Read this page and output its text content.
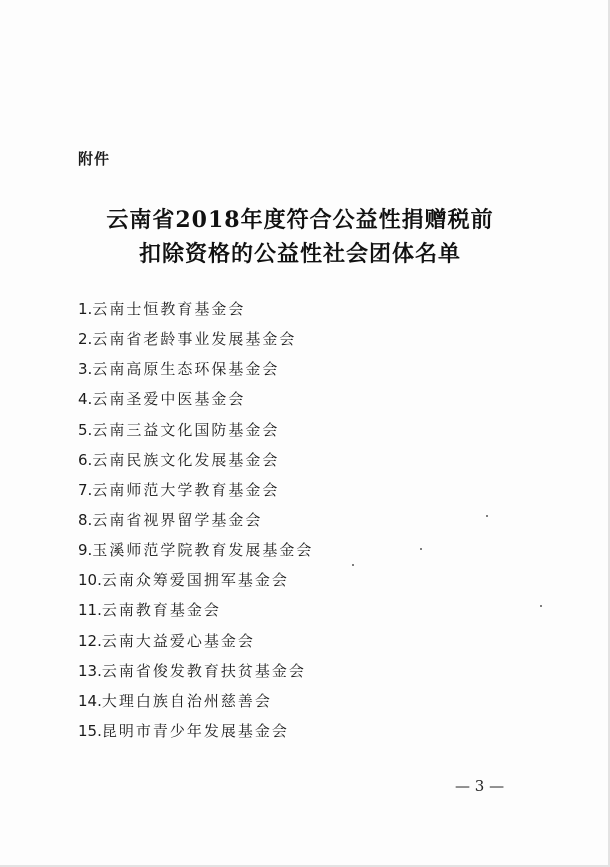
附件
云南省2018年度符合公益性捐赠税前
扣除资格的公益性社会团体名单
1.云南士恒教育基金会
2.云南省老龄事业发展基金会
3.云南高原生态环保基金会
4.云南圣爱中医基金会
5.云南三益文化国防基金会
6.云南民族文化发展基金会
7.云南师范大学教育基金会
8.云南省视界留学基金会
9.玉溪师范学院教育发展基金会
10.云南众筹爱国拥军基金会
11.云南教育基金会
12.云南大益爱心基金会
13.云南省俊发教育扶贫基金会
14.大理白族自治州慈善会
15.昆明市青少年发展基金会
— 3 —
